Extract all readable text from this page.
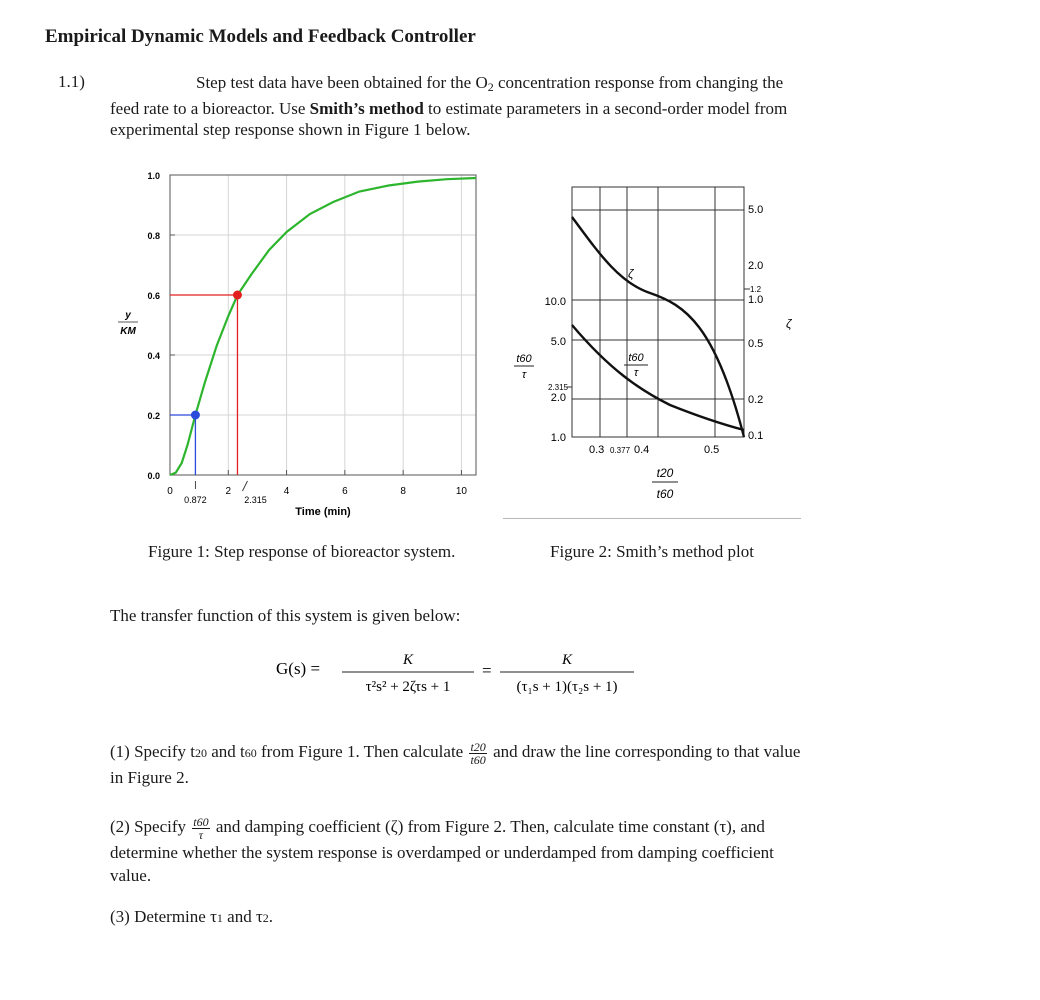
Empirical Dynamic Models and Feedback Controller
1.1)	Step test data have been obtained for the $O_2$ concentration response from changing the feed rate to a bioreactor. Use Smith’s method to estimate parameters in a second-order model from experimental step response shown in Figure 1 below.
0	2	4	6	8	10
0.0
0.2
0.4
0.6
0.8
1.0
0.872	2.315
y
KM
Time (min)
Figure 1: Step response of bioreactor system.
10.0
5.0
2.315
2.0
1.0
5.0
2.0
1.2
1.0
0.5
0.2
0.1
0.3 0.377 0.4	0.5
t20
t60
t60
τ
ζ
t60
τ
ζ
Figure 2: Smith’s method plot
The transfer function of this system is given below:
G(s) =	K
τ²s² + 2ζτs + 1
=
K
(τ₁s + 1)(τ₂s + 1)
(1) Specify t20 and t60 from Figure 1. Then calculate $\frac{t20}{t60}$ and draw the line corresponding to that value in Figure 2.
(2) Specify $\frac{t60}{\tau}$ and damping coefficient (ζ) from Figure 2. Then, calculate time constant (τ), and determine whether the system response is overdamped or underdamped from damping coefficient value.
(3) Determine τ1 and τ2.
